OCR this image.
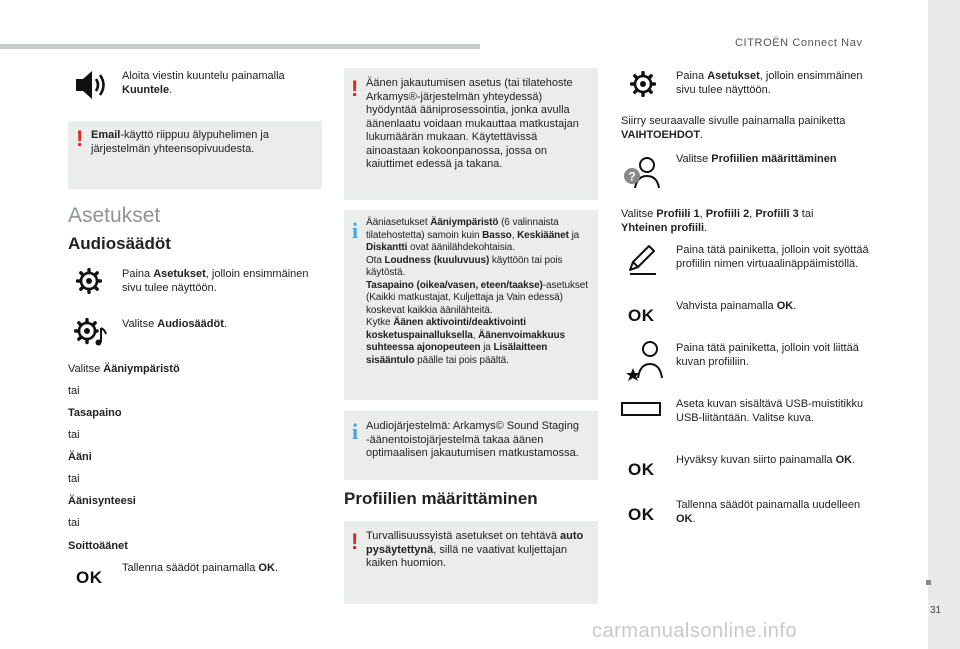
CITROËN Connect Nav
31
carmanualsonline.info
Aloita viestin kuuntelu painamalla
Kuuntele.
! Email-käyttö riippuu älypuhelimen ja järjestelmän yhteensopivuudesta.
Asetukset
Audiosäädöt
Paina Asetukset, jolloin ensimmäinen sivu tulee näyttöön.
Valitse Audiosäädöt.
Valitse Ääniympäristö
tai
Tasapaino
tai
Ääni
tai
Äänisynteesi
tai
Soittoäänet
OK Tallenna säädöt painamalla OK.
! Äänen jakautumisen asetus (tai tilatehoste Arkamys®-järjestelmän yhteydessä) hyödyntää ääniprosessointia, jonka avulla äänenlaatu voidaan mukauttaa matkustajan lukumäärän mukaan. Käytettävissä ainoastaan kokoonpanossa, jossa on kaiuttimet edessä ja takana.
i Ääniasetukset Ääniympäristö (6 valinnaista tilatehostetta) samoin kuin Basso, Keskiäänet ja Diskantti ovat äänilähdekohtaisia.
Ota Loudness (kuuluvuus) käyttöön tai pois käytöstä.
Tasapaino (oikea/vasen, eteen/taakse)-asetukset (Kaikki matkustajat, Kuljettaja ja Vain edessä) koskevat kaikkia äänilähteitä.
Kytke Äänen aktivointi/deaktivointi kosketuspainalluksella, Äänenvoimakkuus suhteessa ajonopeuteen ja Lisälaitteen sisääntulo päälle tai pois päältä.
i Audiojärjestelmä: Arkamys© Sound Staging -äänentoistojärjestelmä takaa äänen optimaalisen jakautumisen matkustamossa.
Profiilien määrittäminen
! Turvallisuussyistä asetukset on tehtävä auto pysäytettynä, sillä ne vaativat kuljettajan kaiken huomion.
Paina Asetukset, jolloin ensimmäinen sivu tulee näyttöön.
Siirry seuraavalle sivulle painamalla painiketta
VAIHTOEHDOT.
?
Valitse Profiilien määrittäminen
Valitse Profiili 1, Profiili 2, Profiili 3 tai
Yhteinen profiili.
Paina tätä painiketta, jolloin voit syöttää profiilin nimen virtuaalinäppäimistöllä.
OK Vahvista painamalla OK.
Paina tätä painiketta, jolloin voit liittää kuvan profiiliin.
Aseta kuvan sisältävä USB-muistitikku USB-liitäntään. Valitse kuva.
OK Hyväksy kuvan siirto painamalla OK.
OK Tallenna säädöt painamalla uudelleen
OK.
